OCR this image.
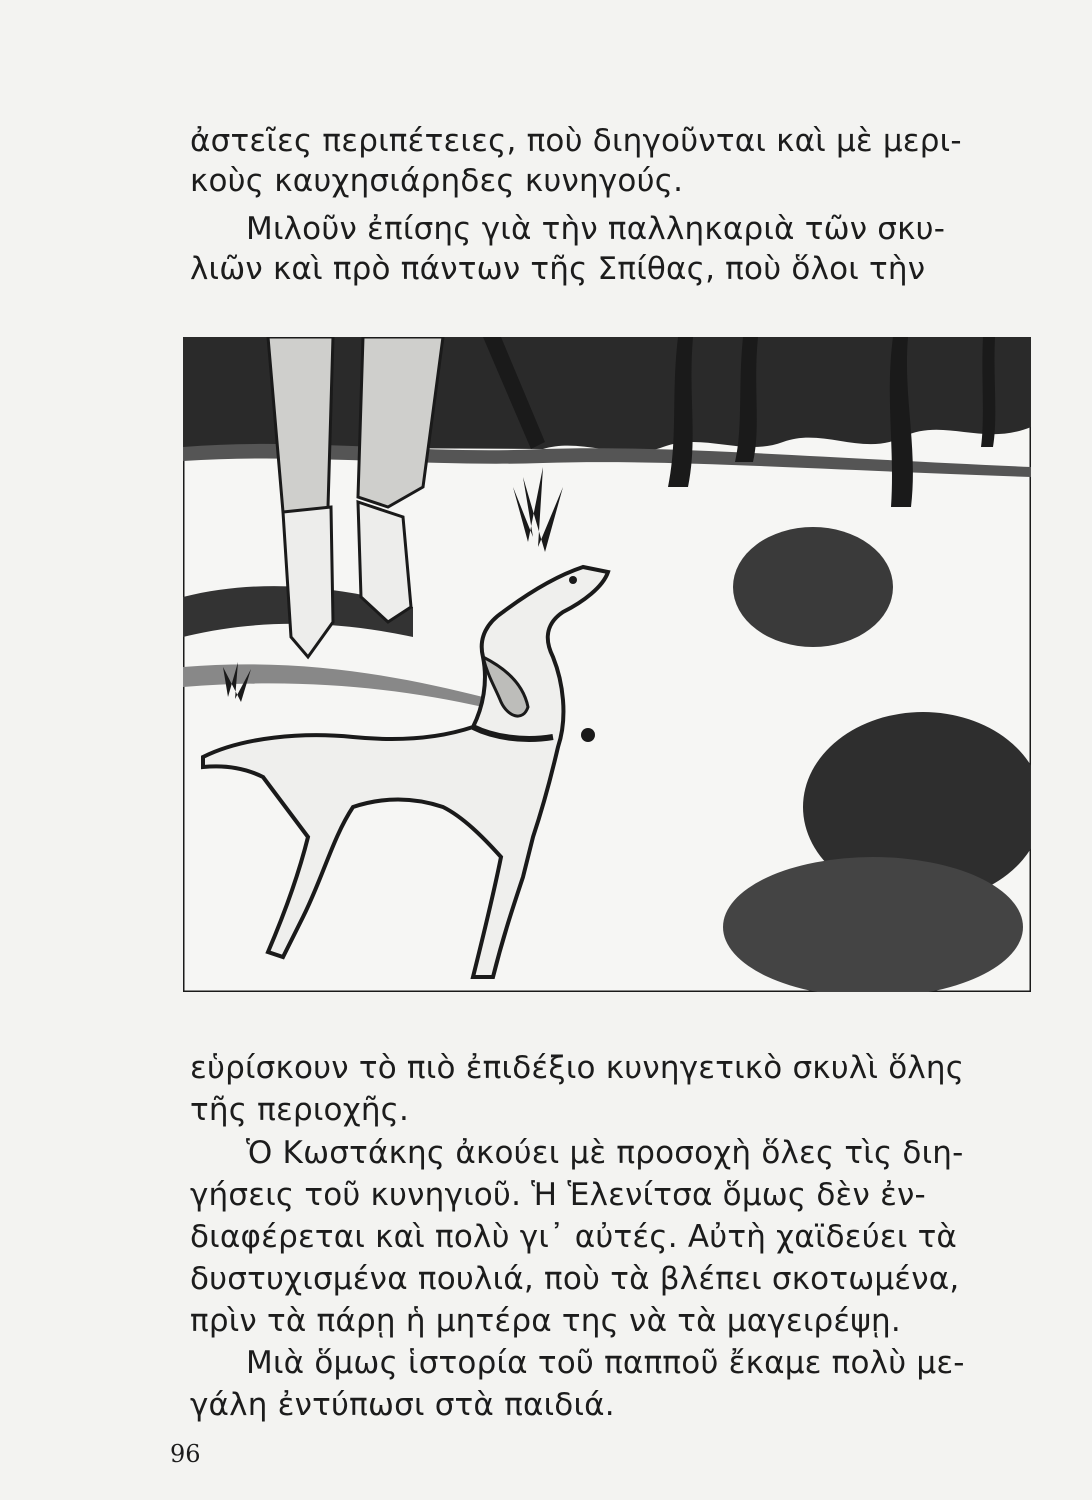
ἀστεῖες περιπέτειες, ποὺ διηγοῦνται καὶ μὲ μερι-
κοὺς καυχησιάρηδες κυνηγούς.
Μιλοῦν ἐπίσης γιὰ τὴν παλληκαριὰ τῶν σκυ-
λιῶν καὶ πρὸ πάντων τῆς Σπίθας, ποὺ ὅλοι τὴν
εὑρίσκουν τὸ πιὸ ἐπιδέξιο κυνηγετικὸ σκυλὶ ὅλης
τῆς περιοχῆς.
Ὁ Κωστάκης ἀκούει μὲ προσοχὴ ὅλες τὶς διη-
γήσεις τοῦ κυνηγιοῦ. Ἡ Ἑλενίτσα ὅμως δὲν ἐν-
διαφέρεται καὶ πολὺ γι᾿ αὐτές. Αὐτὴ χαϊδεύει τὰ
δυστυχισμένα πουλιά, ποὺ τὰ βλέπει σκοτωμένα,
πρὶν τὰ πάρῃ ἡ μητέρα της νὰ τὰ μαγειρέψῃ.
Μιὰ ὅμως ἱστορία τοῦ παπποῦ ἔκαμε πολὺ με-
γάλη ἐντύπωσι στὰ παιδιά.
96
